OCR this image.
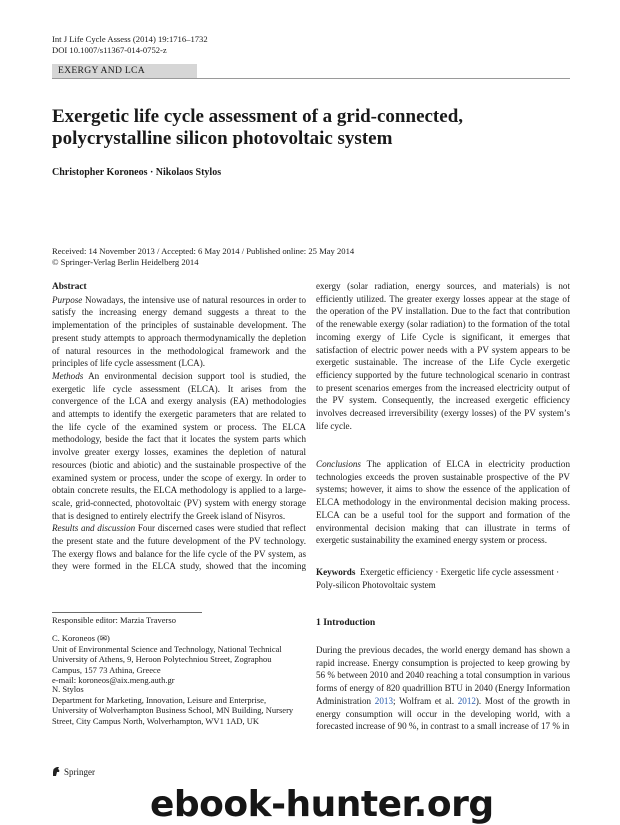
Int J Life Cycle Assess (2014) 19:1716–1732
DOI 10.1007/s11367-014-0752-z
EXERGY AND LCA
Exergetic life cycle assessment of a grid-connected,
polycrystalline silicon photovoltaic system
Christopher Koroneos · Nikolaos Stylos
Received: 14 November 2013 / Accepted: 6 May 2014 / Published online: 25 May 2014
© Springer-Verlag Berlin Heidelberg 2014

Abstract

Purpose Nowadays, the intensive use of natural resources in order to satisfy the increasing energy demand suggests a threat to the implementation of the principles of sustainable development. The present study attempts to approach thermodynamically the depletion of natural resources in the methodological framework and the principles of life cycle assessment (LCA).

Methods An environmental decision support tool is studied, the exergetic life cycle assessment (ELCA). It arises from the convergence of the LCA and exergy analysis (EA) methodologies and attempts to identify the exergetic parameters that are related to the life cycle of the examined system or process. The ELCA methodology, beside the fact that it locates the system parts which involve greater exergy losses, examines the depletion of natural resources (biotic and abiotic) and the sustainable prospective of the examined system or process, under the scope of exergy. In order to obtain concrete results, the ELCA methodology is applied to a large-scale, grid-connected, photovoltaic (PV) system with energy storage that is designed to entirely electrify the Greek island of Nisyros.

Results and discussion Four discerned cases were studied that reflect the present state and the future development of the PV technology. The exergy flows and balance for the life cycle of the PV system, as they were formed in the ELCA study, showed that the incoming

exergy (solar radiation, energy sources, and materials) is not efficiently utilized. The greater exergy losses appear at the stage of the operation of the PV installation. Due to the fact that contribution of the renewable exergy (solar radiation) to the formation of the total incoming exergy of Life Cycle is significant, it emerges that satisfaction of electric power needs with a PV system appears to be exergetic sustainable. The increase of the Life Cycle exergetic efficiency supported by the future technological scenario in contrast to present scenarios emerges from the increased electricity output of the PV system. Consequently, the increased exergetic efficiency involves decreased irreversibility (exergy losses) of the PV system’s life cycle.

Conclusions The application of ELCA in electricity production technologies exceeds the proven sustainable prospective of the PV systems; however, it aims to show the essence of the application of ELCA methodology in the environmental decision making process. ELCA can be a useful tool for the support and formation of the environmental decision making that can illustrate in terms of exergetic sustainability the examined energy system or process.

Keywords Exergetic efficiency · Exergetic life cycle assessment · Poly-silicon Photovoltaic system
Responsible editor: Marzia Traverso
C. Koroneos (✉)
Unit of Environmental Science and Technology, National Technical University of Athens, 9, Heroon Polytechniou Street, Zographou Campus, 157 73 Athina, Greece
e-mail: koroneos@aix.meng.auth.gr
N. Stylos
Department for Marketing, Innovation, Leisure and Enterprise, University of Wolverhampton Business School, MN Building, Nursery Street, City Campus North, Wolverhampton, WV1 1AD, UK
Springer
1 Introduction
During the previous decades, the world energy demand has shown a rapid increase. Energy consumption is projected to keep growing by 56 % between 2010 and 2040 reaching a total consumption in various forms of energy of 820 quadrillion BTU in 2040 (Energy Information Administration 2013; Wolfram et al. 2012). Most of the growth in energy consumption will occur in the developing world, with a forecasted increase of 90 %, in contrast to a small increase of 17 % in
ebook-hunter.org
